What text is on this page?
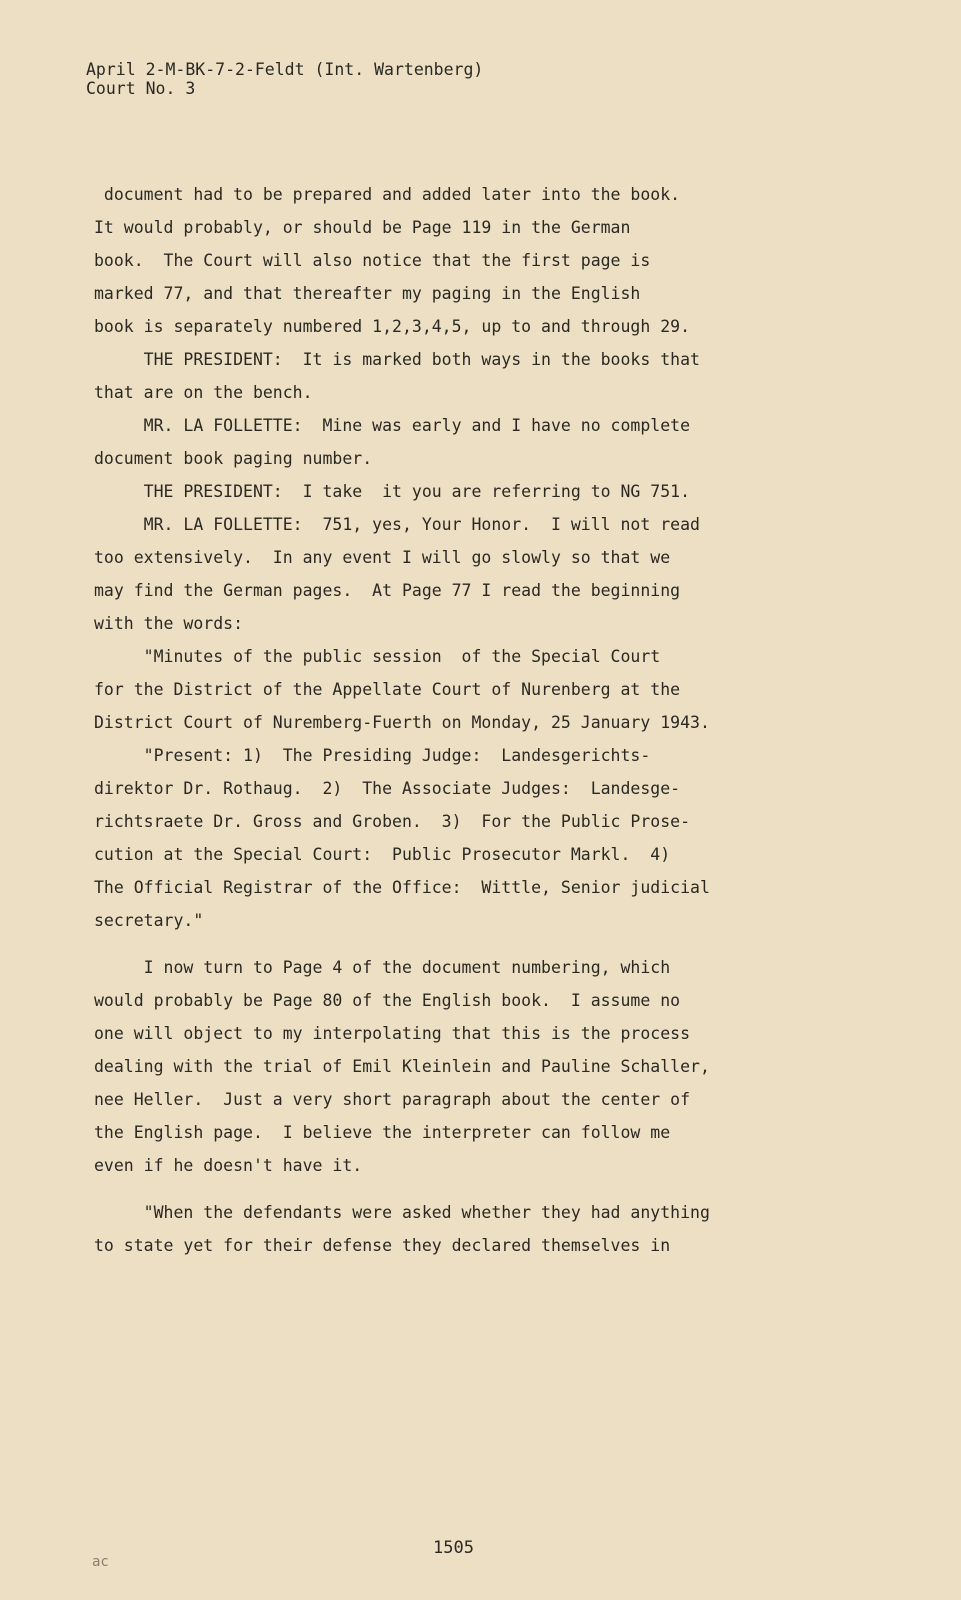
April 2-M-BK-7-2-Feldt (Int. Wartenberg)
Court No. 3
document had to be prepared and added later into the book.
It would probably, or should be Page 119 in the German
book.  The Court will also notice that the first page is
marked 77, and that thereafter my paging in the English
book is separately numbered 1,2,3,4,5, up to and through 29.
THE PRESIDENT:  It is marked both ways in the books that
that are on the bench.
MR. LA FOLLETTE:  Mine was early and I have no complete
document book paging number.
THE PRESIDENT:  I take  it you are referring to NG 751.
MR. LA FOLLETTE:  751, yes, Your Honor.  I will not read
too extensively.  In any event I will go slowly so that we
may find the German pages.  At Page 77 I read the beginning
with the words:
"Minutes of the public session  of the Special Court
for the District of the Appellate Court of Nurenberg at the
District Court of Nuremberg-Fuerth on Monday, 25 January 1943.
"Present: 1)  The Presiding Judge:  Landesgerichts-
direktor Dr. Rothaug.  2)  The Associate Judges:  Landesge-
richtsraete Dr. Gross and Groben.  3)  For the Public Prose-
cution at the Special Court:  Public Prosecutor Markl.  4)
The Official Registrar of the Office:  Wittle, Senior judicial
secretary."
I now turn to Page 4 of the document numbering, which
would probably be Page 80 of the English book.  I assume no
one will object to my interpolating that this is the process
dealing with the trial of Emil Kleinlein and Pauline Schaller,
nee Heller.  Just a very short paragraph about the center of
the English page.  I believe the interpreter can follow me
even if he doesn't have it.
"When the defendants were asked whether they had anything
to state yet for their defense they declared themselves in
ac
1505
